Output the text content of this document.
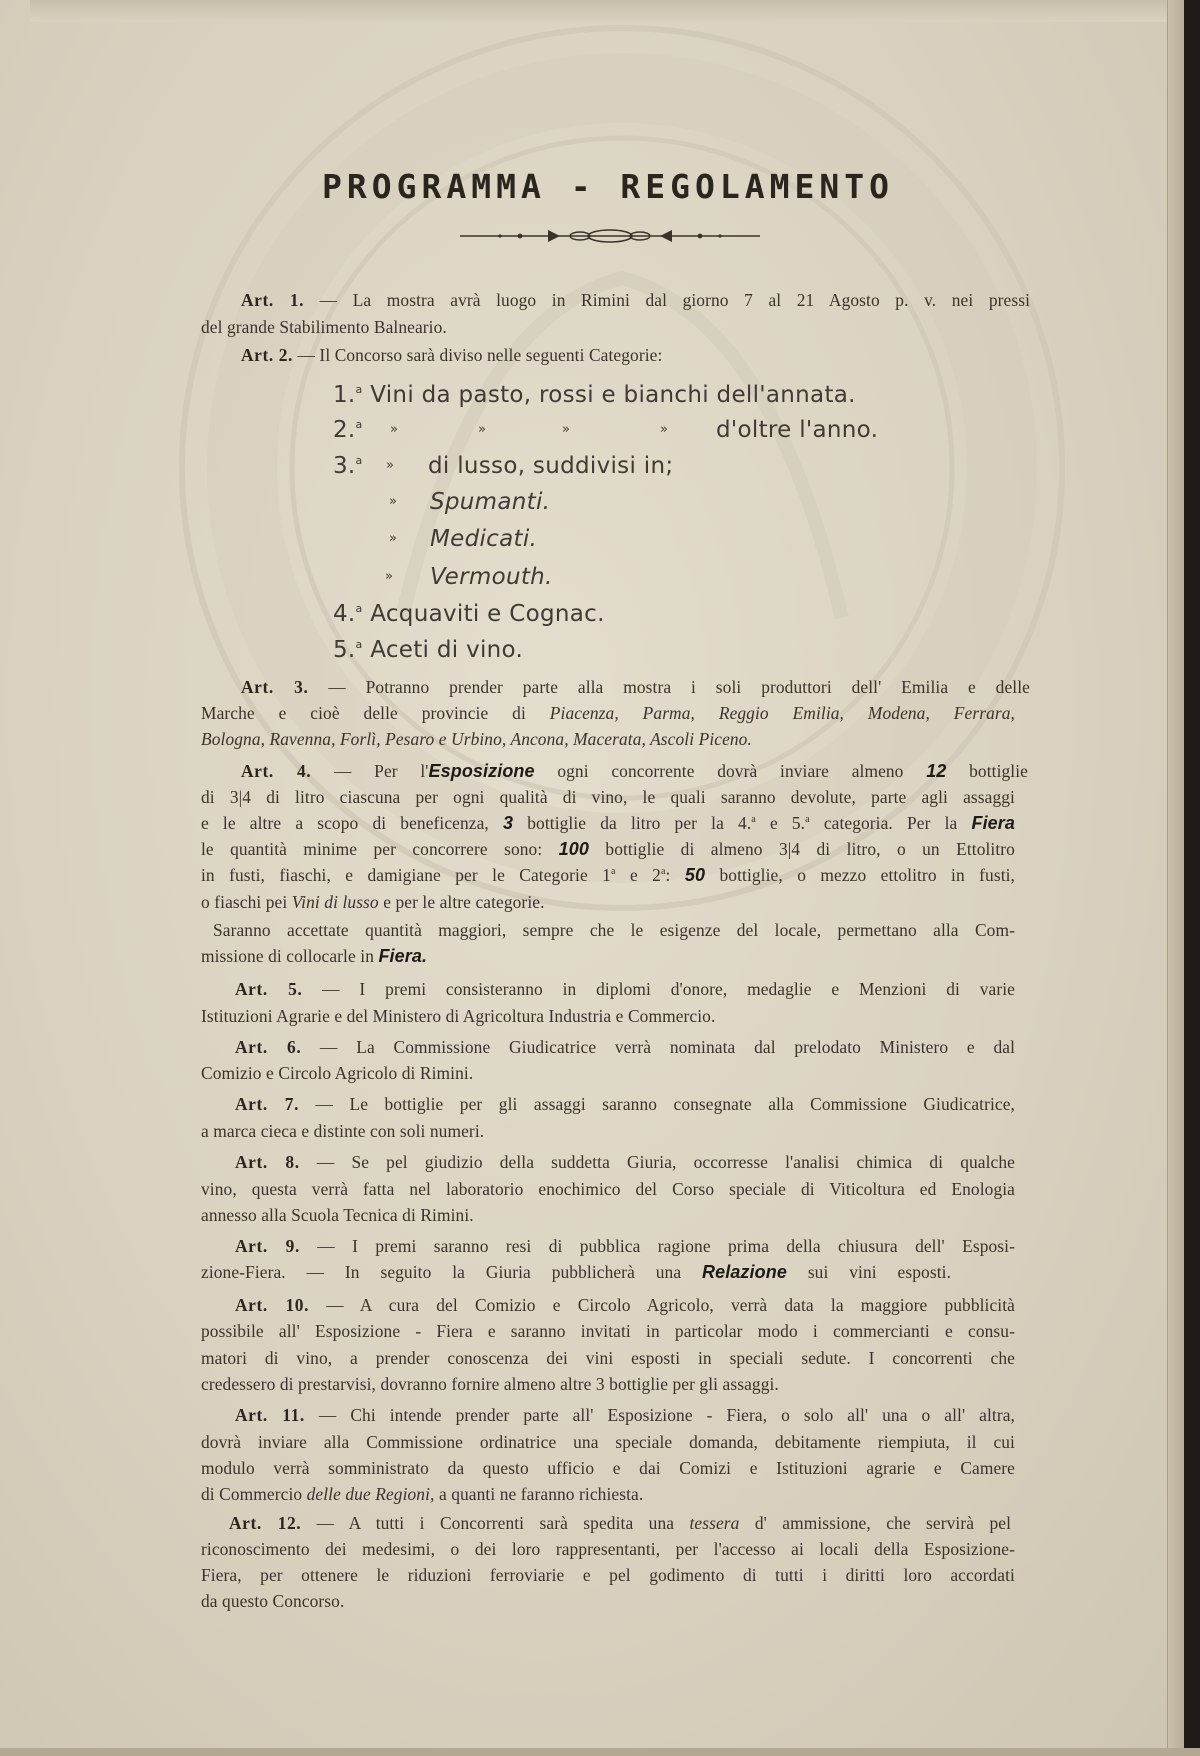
PROGRAMMA - REGOLAMENTO
Art. 1. — La mostra avrà luogo in Rimini dal giorno 7 al 21 Agosto p. v. nei pressi
del grande Stabilimento Balneario.
Art. 2. — Il Concorso sarà diviso nelle seguenti Categorie:
1.$^a$ Vini da pasto, rossi e bianchi dell'annata.
2.$^a$ »	»	»	» d'oltre l'anno.
3.$^a$ » di lusso, suddivisi in;
» Spumanti.
» Medicati.
» Vermouth.
4.$^a$ Acquaviti e Cognac.
5.$^a$ Aceti di vino.
Art. 3. — Potranno prender parte alla mostra i soli produttori dell' Emilia e delle
Marche e cioè delle provincie di Piacenza, Parma, Reggio Emilia, Modena, Ferrara,
Bologna, Ravenna, Forlì, Pesaro e Urbino, Ancona, Macerata, Ascoli Piceno.
Art. 4. — Per l'Esposizione ogni concorrente dovrà inviare almeno 12 bottiglie
di 3|4 di litro ciascuna per ogni qualità di vino, le quali saranno devolute, parte agli assaggi
e le altre a scopo di beneficenza, 3 bottiglie da litro per la 4.$^a$ e 5.$^a$ categoria. Per la Fiera
le quantità minime per concorrere sono: 100 bottiglie di almeno 3|4 di litro, o un Ettolitro
in fusti, fiaschi, e damigiane per le Categorie 1$^a$ e 2$^a$: 50 bottiglie, o mezzo ettolitro in fusti,
o fiaschi pei Vini di lusso e per le altre categorie.
Saranno accettate quantità maggiori, sempre che le esigenze del locale, permettano alla Com-
missione di collocarle in Fiera.
Art. 5. — I premi consisteranno in diplomi d'onore, medaglie e Menzioni di varie
Istituzioni Agrarie e del Ministero di Agricoltura Industria e Commercio.
Art. 6. — La Commissione Giudicatrice verrà nominata dal prelodato Ministero e dal
Comizio e Circolo Agricolo di Rimini.
Art. 7. — Le bottiglie per gli assaggi saranno consegnate alla Commissione Giudicatrice,
a marca cieca e distinte con soli numeri.
Art. 8. — Se pel giudizio della suddetta Giuria, occorresse l'analisi chimica di qualche
vino, questa verrà fatta nel laboratorio enochimico del Corso speciale di Viticoltura ed Enologia
annesso alla Scuola Tecnica di Rimini.
Art. 9. — I premi saranno resi di pubblica ragione prima della chiusura dell' Esposi-
zione-Fiera. — In seguito la Giuria pubblicherà una Relazione sui vini esposti.
Art. 10. — A cura del Comizio e Circolo Agricolo, verrà data la maggiore pubblicità
possibile all' Esposizione - Fiera e saranno invitati in particolar modo i commercianti e consu-
matori di vino, a prender conoscenza dei vini esposti in speciali sedute. I concorrenti che
credessero di prestarvisi, dovranno fornire almeno altre 3 bottiglie per gli assaggi.
Art. 11. — Chi intende prender parte all' Esposizione - Fiera, o solo all' una o all' altra,
dovrà inviare alla Commissione ordinatrice una speciale domanda, debitamente riempiuta, il cui
modulo verrà somministrato da questo ufficio e dai Comizi e Istituzioni agrarie e Camere
di Commercio delle due Regioni, a quanti ne faranno richiesta.
Art. 12. — A tutti i Concorrenti sarà spedita una tessera d' ammissione, che servirà pel
riconoscimento dei medesimi, o dei loro rappresentanti, per l'accesso ai locali della Esposizione-
Fiera, per ottenere le riduzioni ferroviarie e pel godimento di tutti i diritti loro accordati
da questo Concorso.
